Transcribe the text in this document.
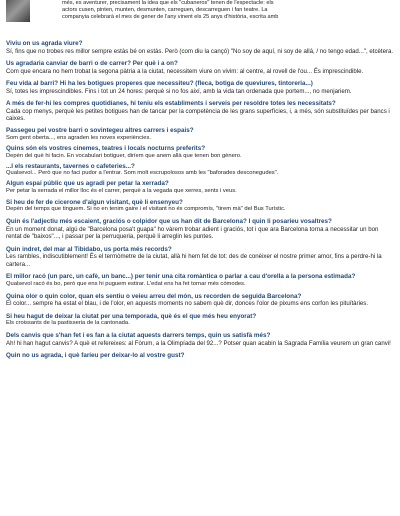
més, es aventurer, precisament la idea que els "cubaneros" tenen de l'espectacle: els
actors cusen, pinten, munten, desmunten, carreguen, descarreguen i fan teatre. La
companyia celebrarà el mes de gener de l'any vinent els 25 anys d'història, escrita amb

Viviu on us agrada viure?

Sí, fins que no trobes res millor sempre estàs bé on estàs. Però (com diu la cançó) "No soy de aquí, ni soy de allá, / no tengo edad...", etcètera.

Us agradaria canviar de barri o de carrer? Per què i a on?

Com que encara no hem trobat la segona pàtria a la ciutat, necessitem viure on vivim: al centre, al rovell de l'ou... És imprescindible.

Feu vida al barri? Hi ha les botigues properes que necessiteu? (fleca, botiga de queviures, tintoreria...)

Sí, totes les imprescindibles. Fins i tot un 24 hores: perquè si no fos així, amb la vida tan ordenada que portem..., no menjariem.

A més de fer-hi les compres quotidianes, hi teniu els establiments i serveis per resoldre totes les necessitats?

Cada cop menys, perquè les petites botigues han de tancar per la competència de les grans superfícies, i, a més, són substituïdes per bancs i caixes.

Passegeu pel vostre barri o sovintegeu altres carrers i espais?

Som gent oberta..., ens agraden les noves experiències.

Quins són els vostres cinemes, teatres i locals nocturns preferits?

Depèn del què hi facin. En vocabulari botiguer, diríem que anem allà que tenen bon gènero.

...I els restaurants, tavernes o cafeteries...?

Qualsevol... Però que no faci pudor a l'entrar. Som molt escrupolosos amb les "baforades desconegudes".

Algun espai públic que us agradi per petar la xerrada?

Per petar la xerrada el millor lloc és el carrer, perquè a la vegada que xerres, sents i veus.

Si heu de fer de cicerone d'algun visitant, què li ensenyeu?

Depèn del temps que tinguem. Si no en tenim gaire i el visitant no és compromís, "tirem mà" del Bus Turístic.

Quin és l'adjectiu més escaient, graciós o colpidor que us han dit de Barcelona? I quin li posarieu vosaltres?

En un moment donat, algú de "Barcelona posa't guapa" ho vàrem trobar adient i graciós, tot i que ara Barcelona torna a necessitar un bon rentat de "baixos"..., i passar per la perruqueria, perquè li arreglin les puntes.

Quin indret, del mar al Tibidabo, us porta més records?

Les rambles, indiscutiblement! És el termòmetre de la ciutat, allà hi hem fet de tot: des de conèixer el nostre primer amor, fins a perdre-hi la cartera...

El millor racó (un parc, un cafè, un banc...) per tenir una cita romàntica o parlar a cau d'orella a la persona estimada?

Qualsevol racó és bo, però que ens hi puguem estirar. L'edat ens ha fet tornar més cómodes.

Quina olor o quin color, quan els sentiu o veieu arreu del món, us recorden de seguida Barcelona?

El color... sempre ha estat el blau, i de l'olor, en aquests moments no sabem què dir, donces l'olor de pixums ens corfon les pituïtàries.

Si heu hagut de deixar la ciutat per una temporada, què és el que més heu enyorat?

Els croissants de la pastisseria de la cantonada.

Dels canvis que s'han fet i es fan a la ciutat aquests darrers temps, quin us satisfà més?

Ah! hi han hagut canvis? A què et refereixes: al Fòrum, a la Olimpíada del 92...? Potser quan acabin la Sagrada Família veurem un gran canvi!

Quin no us agrada, i què faríeu per deixar-lo al vostre gust?
